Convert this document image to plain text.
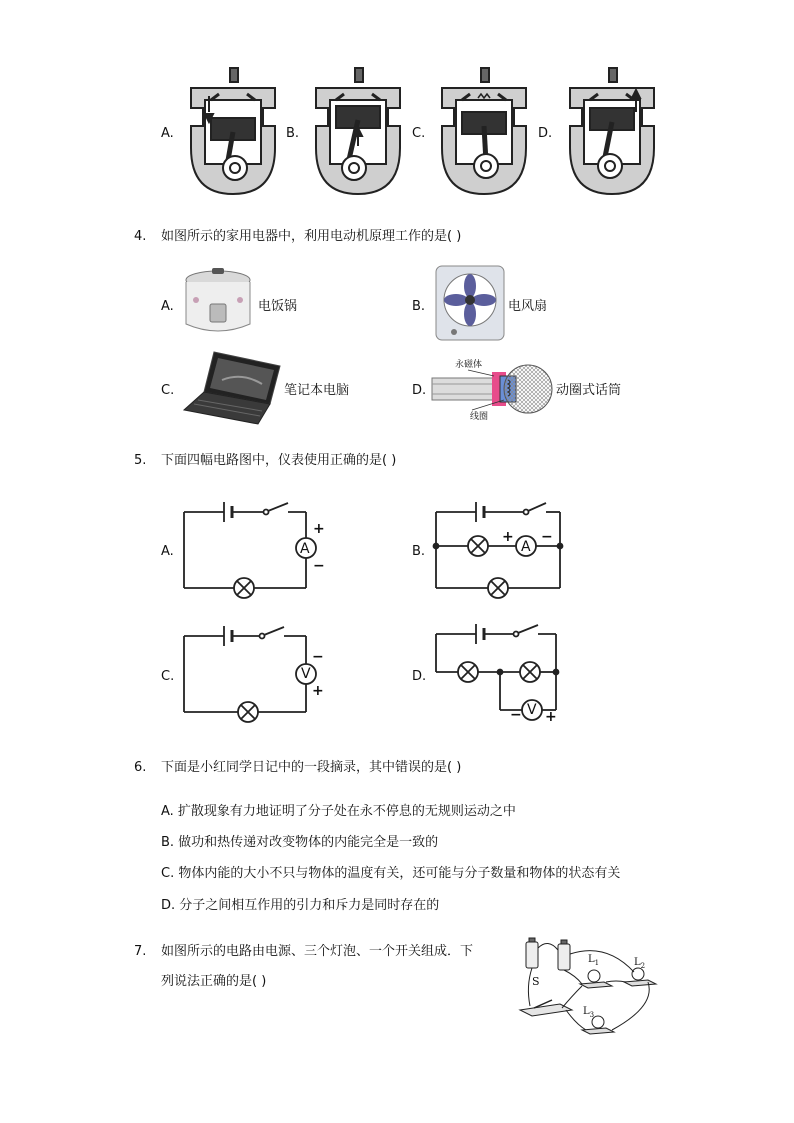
A.	B.	C.	D.
4. 如图所示的家用电器中，利用电动机原理工作的是( )
A.	电饭锅	B.	电风扇
C.	笔记本电脑	D.
永磁体
线圈
动圈式话筒
5. 下面四幅电路图中，仪表使用正确的是( )
A.	A
+
−
B.	A
+ −
C.	V
−
+
D.
V
− +
6. 下面是小红同学日记中的一段摘录，其中错误的是( )
A. 扩散现象有力地证明了分子处在永不停息的无规则运动之中
B. 做功和热传递对改变物体的内能完全是一致的
C. 物体内能的大小不只与物体的温度有关，还可能与分子数量和物体的状态有关
D. 分子之间相互作用的引力和斥力是同时存在的
7. 如图所示的电路由电源、三个灯泡、一个开关组成．下
列说法正确的是( )	S
$L_1$	$L_2$
$L_3$
